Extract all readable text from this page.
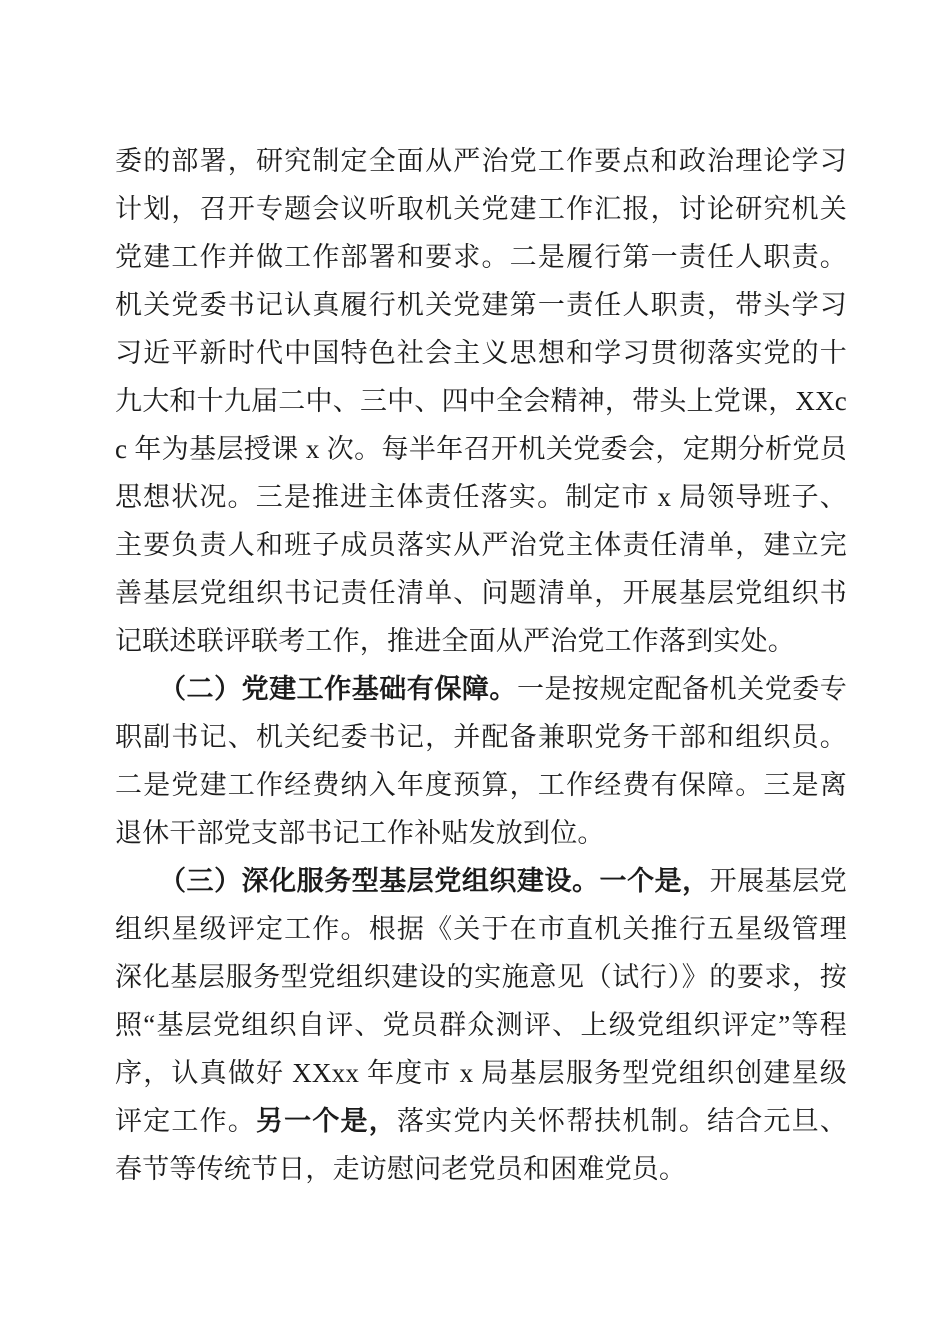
委的部署，研究制定全面从严治党工作要点和政治理论学习计划，召开专题会议听取机关党建工作汇报，讨论研究机关党建工作并做工作部署和要求。二是履行第一责任人职责。机关党委书记认真履行机关党建第一责任人职责，带头学习习近平新时代中国特色社会主义思想和学习贯彻落实党的十九大和十九届二中、三中、四中全会精神，带头上党课，XXcc 年为基层授课 x 次。每半年召开机关党委会，定期分析党员思想状况。三是推进主体责任落实。制定市 x 局领导班子、主要负责人和班子成员落实从严治党主体责任清单，建立完善基层党组织书记责任清单、问题清单，开展基层党组织书记联述联评联考工作，推进全面从严治党工作落到实处。

（二）党建工作基础有保障。一是按规定配备机关党委专职副书记、机关纪委书记，并配备兼职党务干部和组织员。二是党建工作经费纳入年度预算，工作经费有保障。三是离退休干部党支部书记工作补贴发放到位。

（三）深化服务型基层党组织建设。一个是，开展基层党组织星级评定工作。根据《关于在市直机关推行五星级管理深化基层服务型党组织建设的实施意见（试行）》的要求，按照“基层党组织自评、党员群众测评、上级党组织评定”等程序，认真做好 XXxx 年度市 x 局基层服务型党组织创建星级评定工作。另一个是，落实党内关怀帮扶机制。结合元旦、春节等传统节日，走访慰问老党员和困难党员。
